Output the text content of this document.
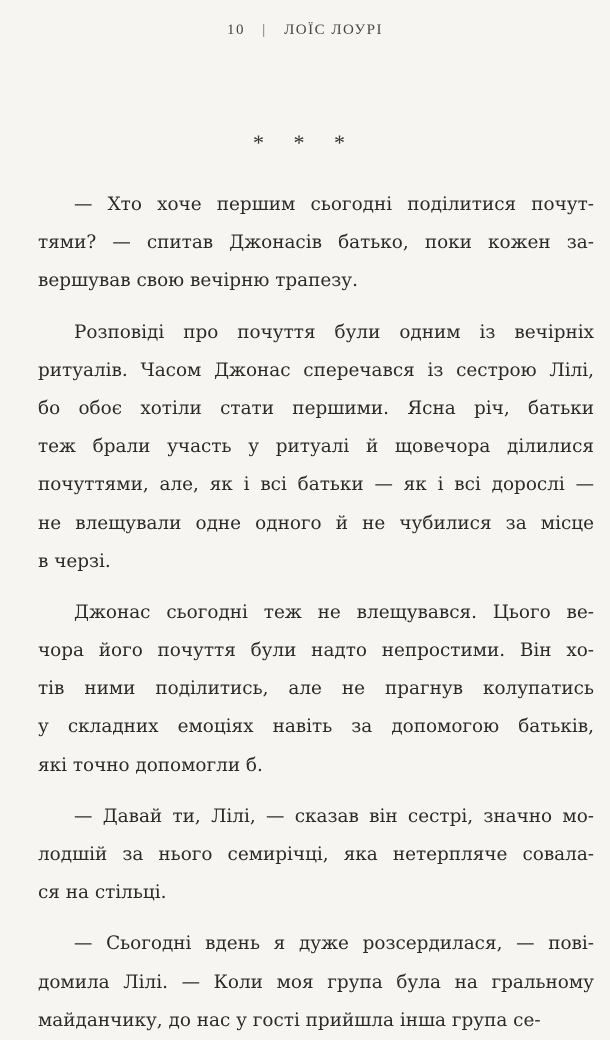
10 | ЛОЇС ЛОУРІ
* * *
— Хто хоче першим сьогодні поділитися почут-
тями? — спитав Джонасів батько, поки кожен за-
вершував свою вечірню трапезу.
Розповіді про почуття були одним із вечірніх
ритуалів. Часом Джонас сперечався із сестрою Лілі,
бо обоє хотіли стати першими. Ясна річ, батьки
теж брали участь у ритуалі й щовечора ділилися
почуттями, але, як і всі батьки — як і всі дорослі —
не влещували одне одного й не чубилися за місце
в черзі.
Джонас сьогодні теж не влещувався. Цього ве-
чора його почуття були надто непростими. Він хо-
тів ними поділитись, але не прагнув колупатись
у складних емоціях навіть за допомогою батьків,
які точно допомогли б.
— Давай ти, Лілі, — сказав він сестрі, значно мо-
лодшій за нього семирічці, яка нетерпляче совала-
ся на стільці.
— Сьогодні вдень я дуже розсердилася, — пові-
домила Лілі. — Коли моя група була на гральному
майданчику, до нас у гості прийшла інша група се-
